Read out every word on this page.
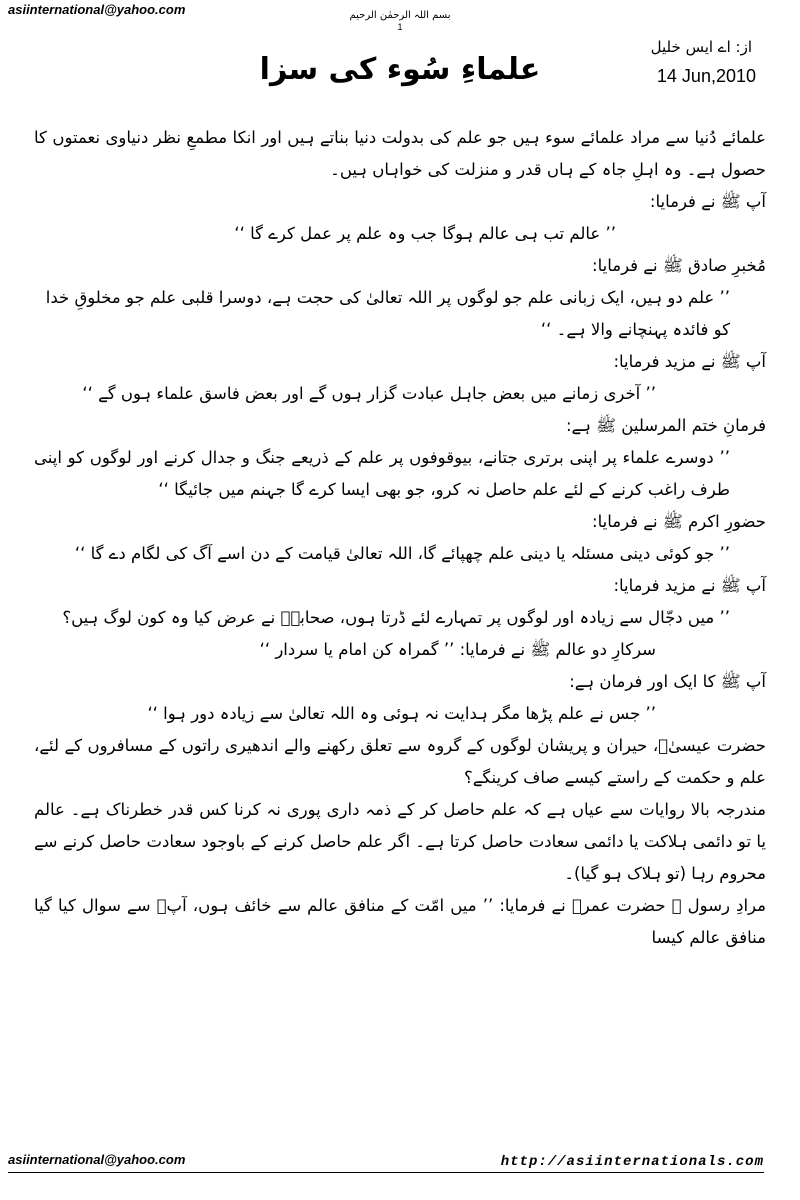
asiinternational@yahoo.com	بسم اللہ الرحمٰن الرحیم
1
از: اے ایس خلیل
علماءِ سُوء کی سزا	14 Jun,2010

علمائے دُنیا سے مراد علمائے سوء ہیں جو علم کی بدولت دنیا بناتے ہیں اور انکا مطمعِ نظر دنیاوی نعمتوں کا حصول ہے۔ وہ اہلِ جاہ کے ہاں قدر و منزلت کی خواہاں ہیں۔

آپ ﷺ نے فرمایا:

’’ عالم تب ہی عالم ہوگا جب وہ علم پر عمل کرے گا ‘‘

مُخبرِ صادق ﷺ نے فرمایا:

’’ علم دو ہیں، ایک زبانی علم جو لوگوں پر اللہ تعالیٰ کی حجت ہے، دوسرا قلبی علم جو مخلوقِ خدا کو فائدہ پہنچانے والا ہے۔ ‘‘

آپ ﷺ نے مزید فرمایا:

’’ آخری زمانے میں بعض جاہل عبادت گزار ہوں گے اور بعض فاسق علماء ہوں گے ‘‘

فرمانِ ختم المرسلین ﷺ ہے:

’’ دوسرے علماء پر اپنی برتری جتانے، بیوقوفوں پر علم کے ذریعے جنگ و جدال کرنے اور لوگوں کو اپنی طرف راغب کرنے کے لئے علم حاصل نہ کرو، جو بھی ایسا کرے گا جہنم میں جائیگا ‘‘

حضورِ اکرم ﷺ نے فرمایا:

’’ جو کوئی دینی مسئلہ یا دینی علم چھپائے گا، اللہ تعالیٰ قیامت کے دن اسے آگ کی لگام دے گا ‘‘

آپ ﷺ نے مزید فرمایا:

’’ میں دجّال سے زیادہ اور لوگوں پر تمہارے لئے ڈرتا ہوں، صحابہؓ نے عرض کیا وہ کون لوگ ہیں؟

سرکارِ دو عالم ﷺ نے فرمایا: ’’ گمراہ کن امام یا سردار ‘‘

آپ ﷺ کا ایک اور فرمان ہے:

’’ جس نے علم پڑھا مگر ہدایت نہ ہوئی وہ اللہ تعالیٰ سے زیادہ دور ہوا ‘‘

حضرت عیسیٰؑ، حیران و پریشان لوگوں کے گروہ سے تعلق رکھنے والے اندھیری راتوں کے مسافروں کے لئے، علم و حکمت کے راستے کیسے صاف کرینگے؟

مندرجہ بالا روایات سے عیاں ہے کہ علم حاصل کر کے ذمہ داری پوری نہ کرنا کس قدر خطرناک ہے۔ عالم یا تو دائمی ہلاکت یا دائمی سعادت حاصل کرتا ہے۔ اگر علم حاصل کرنے کے باوجود سعادت حاصل کرنے سے محروم رہا (تو ہلاک ہو گیا)۔

مرادِ رسول ﷺ حضرت عمرؓ نے فرمایا: ’’ میں امّت کے منافق عالم سے خائف ہوں، آپؐ سے سوال کیا گیا منافق عالم کیسا

asiinternational@yahoo.com	http://asiinternationals.com
